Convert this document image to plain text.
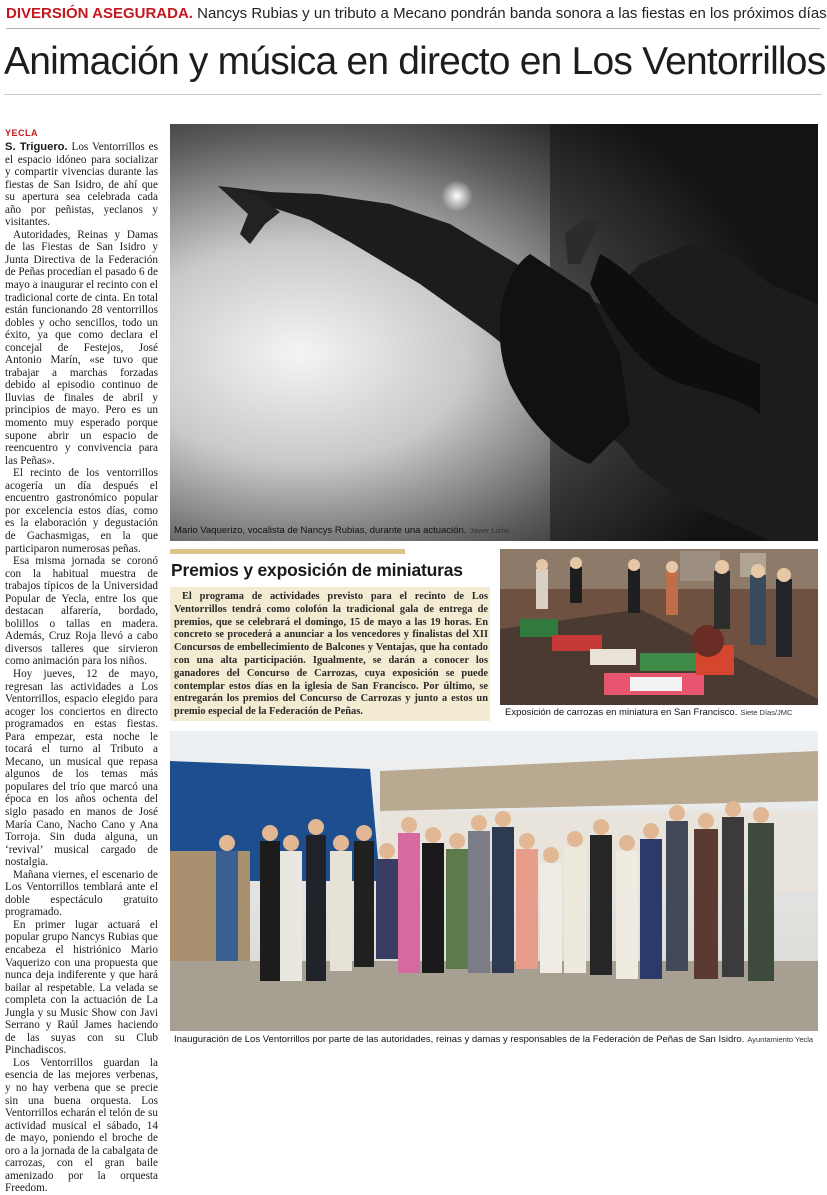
DIVERSIÓN ASEGURADA. Nancys Rubias y un tributo a Mecano pondrán banda sonora a las fiestas en los próximos días
Animación y música en directo en Los Ventorrillos
YECLA

S. Triguero. Los Ventorrillos es el espacio idóneo para socializar y compartir vivencias durante las fiestas de San Isidro, de ahí que su apertura sea celebrada cada año por peñistas, yeclanos y visitantes.

Autoridades, Reinas y Damas de las Fiestas de San Isidro y Junta Directiva de la Federación de Peñas procedían el pasado 6 de mayo a inaugurar el recinto con el tradicional corte de cinta. En total están funcionando 28 ventorrillos dobles y ocho sencillos, todo un éxito, ya que como declara el concejal de Festejos, José Antonio Marín, «se tuvo que trabajar a marchas forzadas debido al episodio continuo de lluvias de finales de abril y principios de mayo. Pero es un momento muy esperado porque supone abrir un espacio de reencuentro y convivencia para las Peñas».

El recinto de los ventorrillos acogería un día después el encuentro gastronómico popular por excelencia estos días, como es la elaboración y degustación de Gachasmigas, en la que participaron numerosas peñas.

Esa misma jornada se coronó con la habitual muestra de trabajos típicos de la Universidad Popular de Yecla, entre los que destacan alfarería, bordado, bolillos o tallas en madera. Además, Cruz Roja llevó a cabo diversos talleres que sirvieron como animación para los niños.

Hoy jueves, 12 de mayo, regresan las actividades a Los Ventorrillos, espacio elegido para acoger los conciertos en directo programados en estas fiestas. Para empezar, esta noche le tocará el turno al Tributo a Mecano, un musical que repasa algunos de los temas más populares del trío que marcó una época en los años ochenta del siglo pasado en manos de José María Cano, Nacho Cano y Ana Torroja. Sin duda alguna, un ‘revival’ musical cargado de nostalgia.

Mañana viernes, el escenario de Los Ventorrillos temblará ante el doble espectáculo gratuito programado.

En primer lugar actuará el popular grupo Nancys Rubias que encabeza el histriónico Mario Vaquerizo con una propuesta que nunca deja indiferente y que hará bailar al respetable. La velada se completa con la actuación de La Jungla y su Music Show con Javi Serrano y Raúl James haciendo de las suyas con su Club Pinchadiscos.

Los Ventorrillos guardan la esencia de las mejores verbenas, y no hay verbena que se precie sin una buena orquesta. Los Ventorrillos echarán el telón de su actividad musical el sábado, 14 de mayo, poniendo el broche de oro a la jornada de la cabalgata de carrozas, con el gran baile amenizado por la orquesta Freedom.

Mario Vaquerizo, vocalista de Nancys Rubias, durante una actuación. Javier Lizón
Premios y exposición de miniaturas
El programa de actividades previsto para el recinto de Los Ventorrillos tendrá como colofón la tradicional gala de entrega de premios, que se celebrará el domingo, 15 de mayo a las 19 horas. En concreto se procederá a anunciar a los vencedores y finalistas del XII Concursos de embellecimiento de Balcones y Ventajas, que ha contado con una alta participación. Igualmente, se darán a conocer los ganadores del Concurso de Carrozas, cuya exposición se puede contemplar estos días en la iglesia de San Francisco. Por último, se entregarán los premios del Concurso de Carrozas y junto a estos un premio especial de la Federación de Peñas.	Exposición de carrozas en miniatura en San Francisco. Siete Días/JMC
Inauguración de Los Ventorrillos por parte de las autoridades, reinas y damas y responsables de la Federación de Peñas de San Isidro. Ayuntamiento Yecla
